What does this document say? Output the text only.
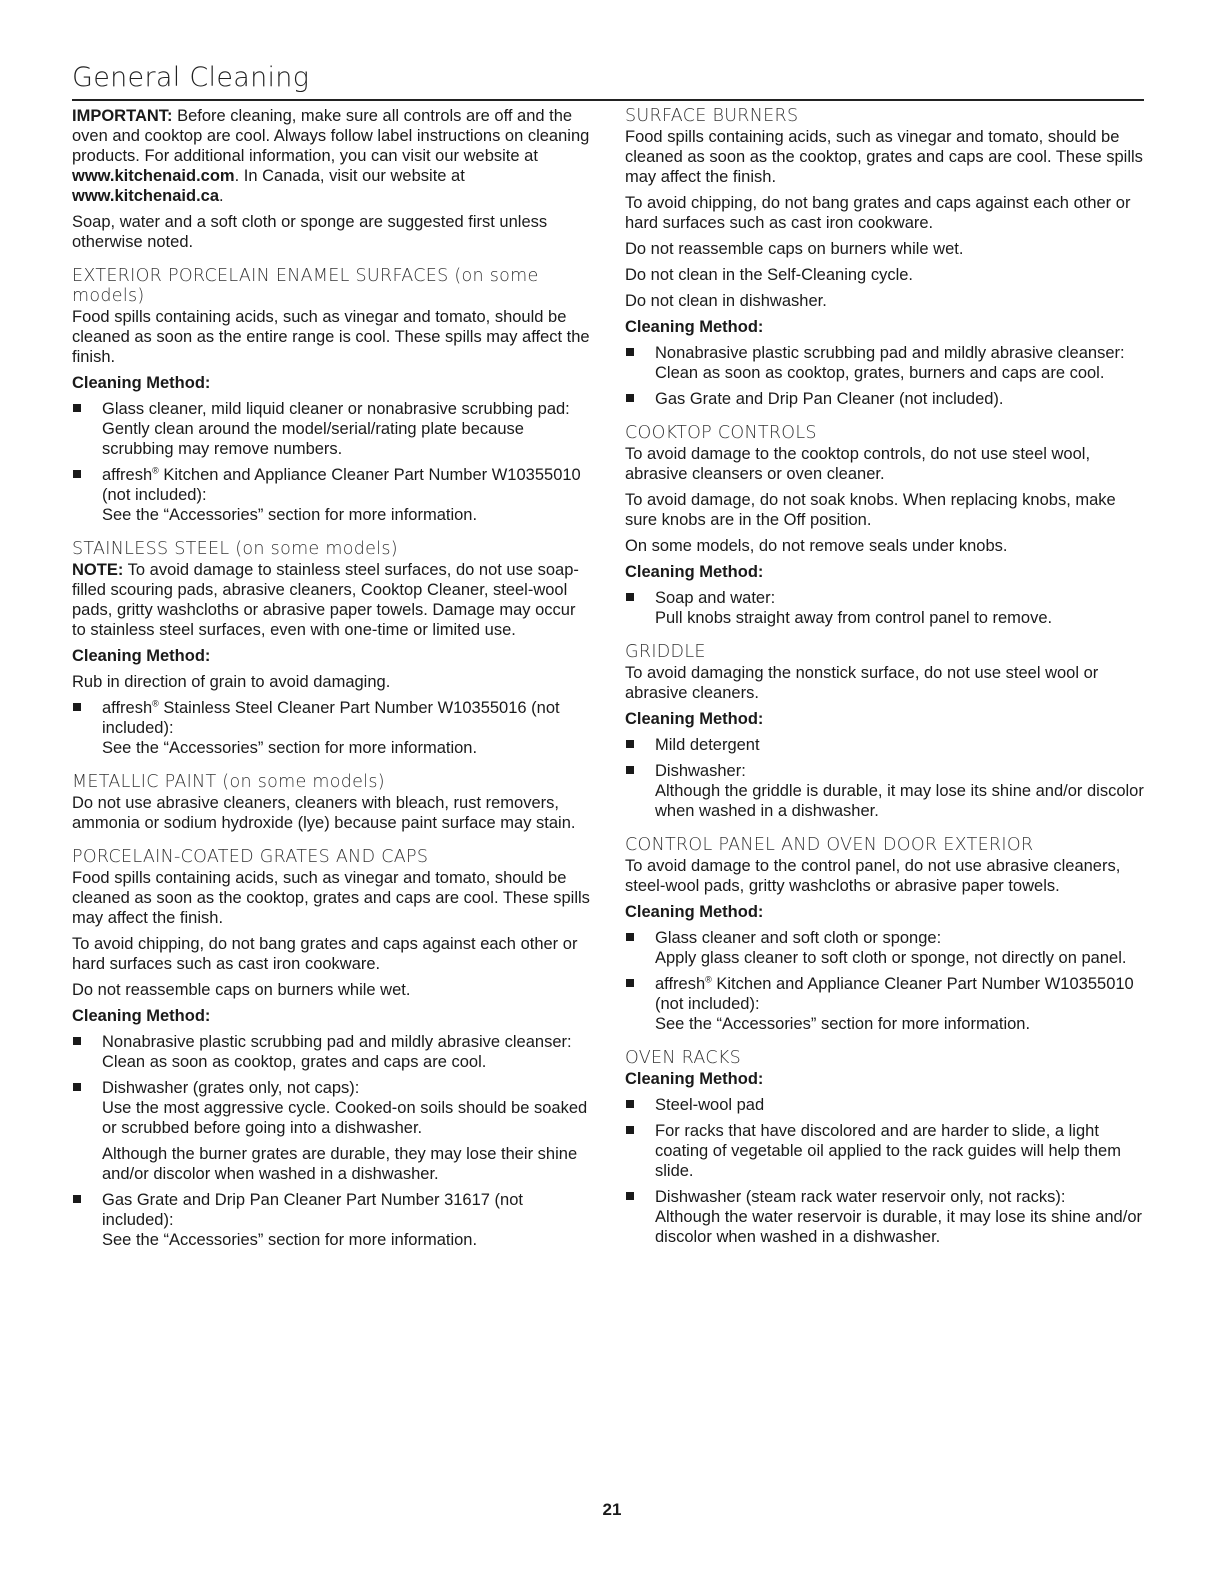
General Cleaning

IMPORTANT: Before cleaning, make sure all controls are off and the oven and cooktop are cool. Always follow label instructions on cleaning products. For additional information, you can visit our website at www.kitchenaid.com. In Canada, visit our website at www.kitchenaid.ca.

Soap, water and a soft cloth or sponge are suggested first unless otherwise noted.

EXTERIOR PORCELAIN ENAMEL SURFACES (on some models)

Food spills containing acids, such as vinegar and tomato, should be cleaned as soon as the entire range is cool. These spills may affect the finish.

Cleaning Method:

Glass cleaner, mild liquid cleaner or nonabrasive scrubbing pad:
Gently clean around the model/serial/rating plate because scrubbing may remove numbers.
affresh® Kitchen and Appliance Cleaner Part Number W10355010 (not included):
See the “Accessories” section for more information.
STAINLESS STEEL (on some models)

NOTE: To avoid damage to stainless steel surfaces, do not use soap-filled scouring pads, abrasive cleaners, Cooktop Cleaner, steel-wool pads, gritty washcloths or abrasive paper towels. Damage may occur to stainless steel surfaces, even with one-time or limited use.

Cleaning Method:

Rub in direction of grain to avoid damaging.

affresh® Stainless Steel Cleaner Part Number W10355016 (not included):
See the “Accessories” section for more information.
METALLIC PAINT (on some models)

Do not use abrasive cleaners, cleaners with bleach, rust removers, ammonia or sodium hydroxide (lye) because paint surface may stain.

PORCELAIN-COATED GRATES AND CAPS

Food spills containing acids, such as vinegar and tomato, should be cleaned as soon as the cooktop, grates and caps are cool. These spills may affect the finish.

To avoid chipping, do not bang grates and caps against each other or hard surfaces such as cast iron cookware.

Do not reassemble caps on burners while wet.

Cleaning Method:

Nonabrasive plastic scrubbing pad and mildly abrasive cleanser:
Clean as soon as cooktop, grates and caps are cool.
Dishwasher (grates only, not caps):
Use the most aggressive cycle. Cooked-on soils should be soaked or scrubbed before going into a dishwasher.
Although the burner grates are durable, they may lose their shine and/or discolor when washed in a dishwasher.
Gas Grate and Drip Pan Cleaner Part Number 31617 (not included):
See the “Accessories” section for more information.
SURFACE BURNERS

Food spills containing acids, such as vinegar and tomato, should be cleaned as soon as the cooktop, grates and caps are cool. These spills may affect the finish.

To avoid chipping, do not bang grates and caps against each other or hard surfaces such as cast iron cookware.

Do not reassemble caps on burners while wet.

Do not clean in the Self-Cleaning cycle.

Do not clean in dishwasher.

Cleaning Method:

Nonabrasive plastic scrubbing pad and mildly abrasive cleanser:
Clean as soon as cooktop, grates, burners and caps are cool.
Gas Grate and Drip Pan Cleaner (not included).
COOKTOP CONTROLS

To avoid damage to the cooktop controls, do not use steel wool, abrasive cleansers or oven cleaner.

To avoid damage, do not soak knobs. When replacing knobs, make sure knobs are in the Off position.

On some models, do not remove seals under knobs.

Cleaning Method:

Soap and water:
Pull knobs straight away from control panel to remove.
GRIDDLE

To avoid damaging the nonstick surface, do not use steel wool or abrasive cleaners.

Cleaning Method:

Mild detergent
Dishwasher:
Although the griddle is durable, it may lose its shine and/or discolor when washed in a dishwasher.
CONTROL PANEL AND OVEN DOOR EXTERIOR

To avoid damage to the control panel, do not use abrasive cleaners, steel-wool pads, gritty washcloths or abrasive paper towels.

Cleaning Method:

Glass cleaner and soft cloth or sponge:
Apply glass cleaner to soft cloth or sponge, not directly on panel.
affresh® Kitchen and Appliance Cleaner Part Number W10355010 (not included):
See the “Accessories” section for more information.
OVEN RACKS

Cleaning Method:

Steel-wool pad
For racks that have discolored and are harder to slide, a light coating of vegetable oil applied to the rack guides will help them slide.
Dishwasher (steam rack water reservoir only, not racks):
Although the water reservoir is durable, it may lose its shine and/or discolor when washed in a dishwasher.
21
